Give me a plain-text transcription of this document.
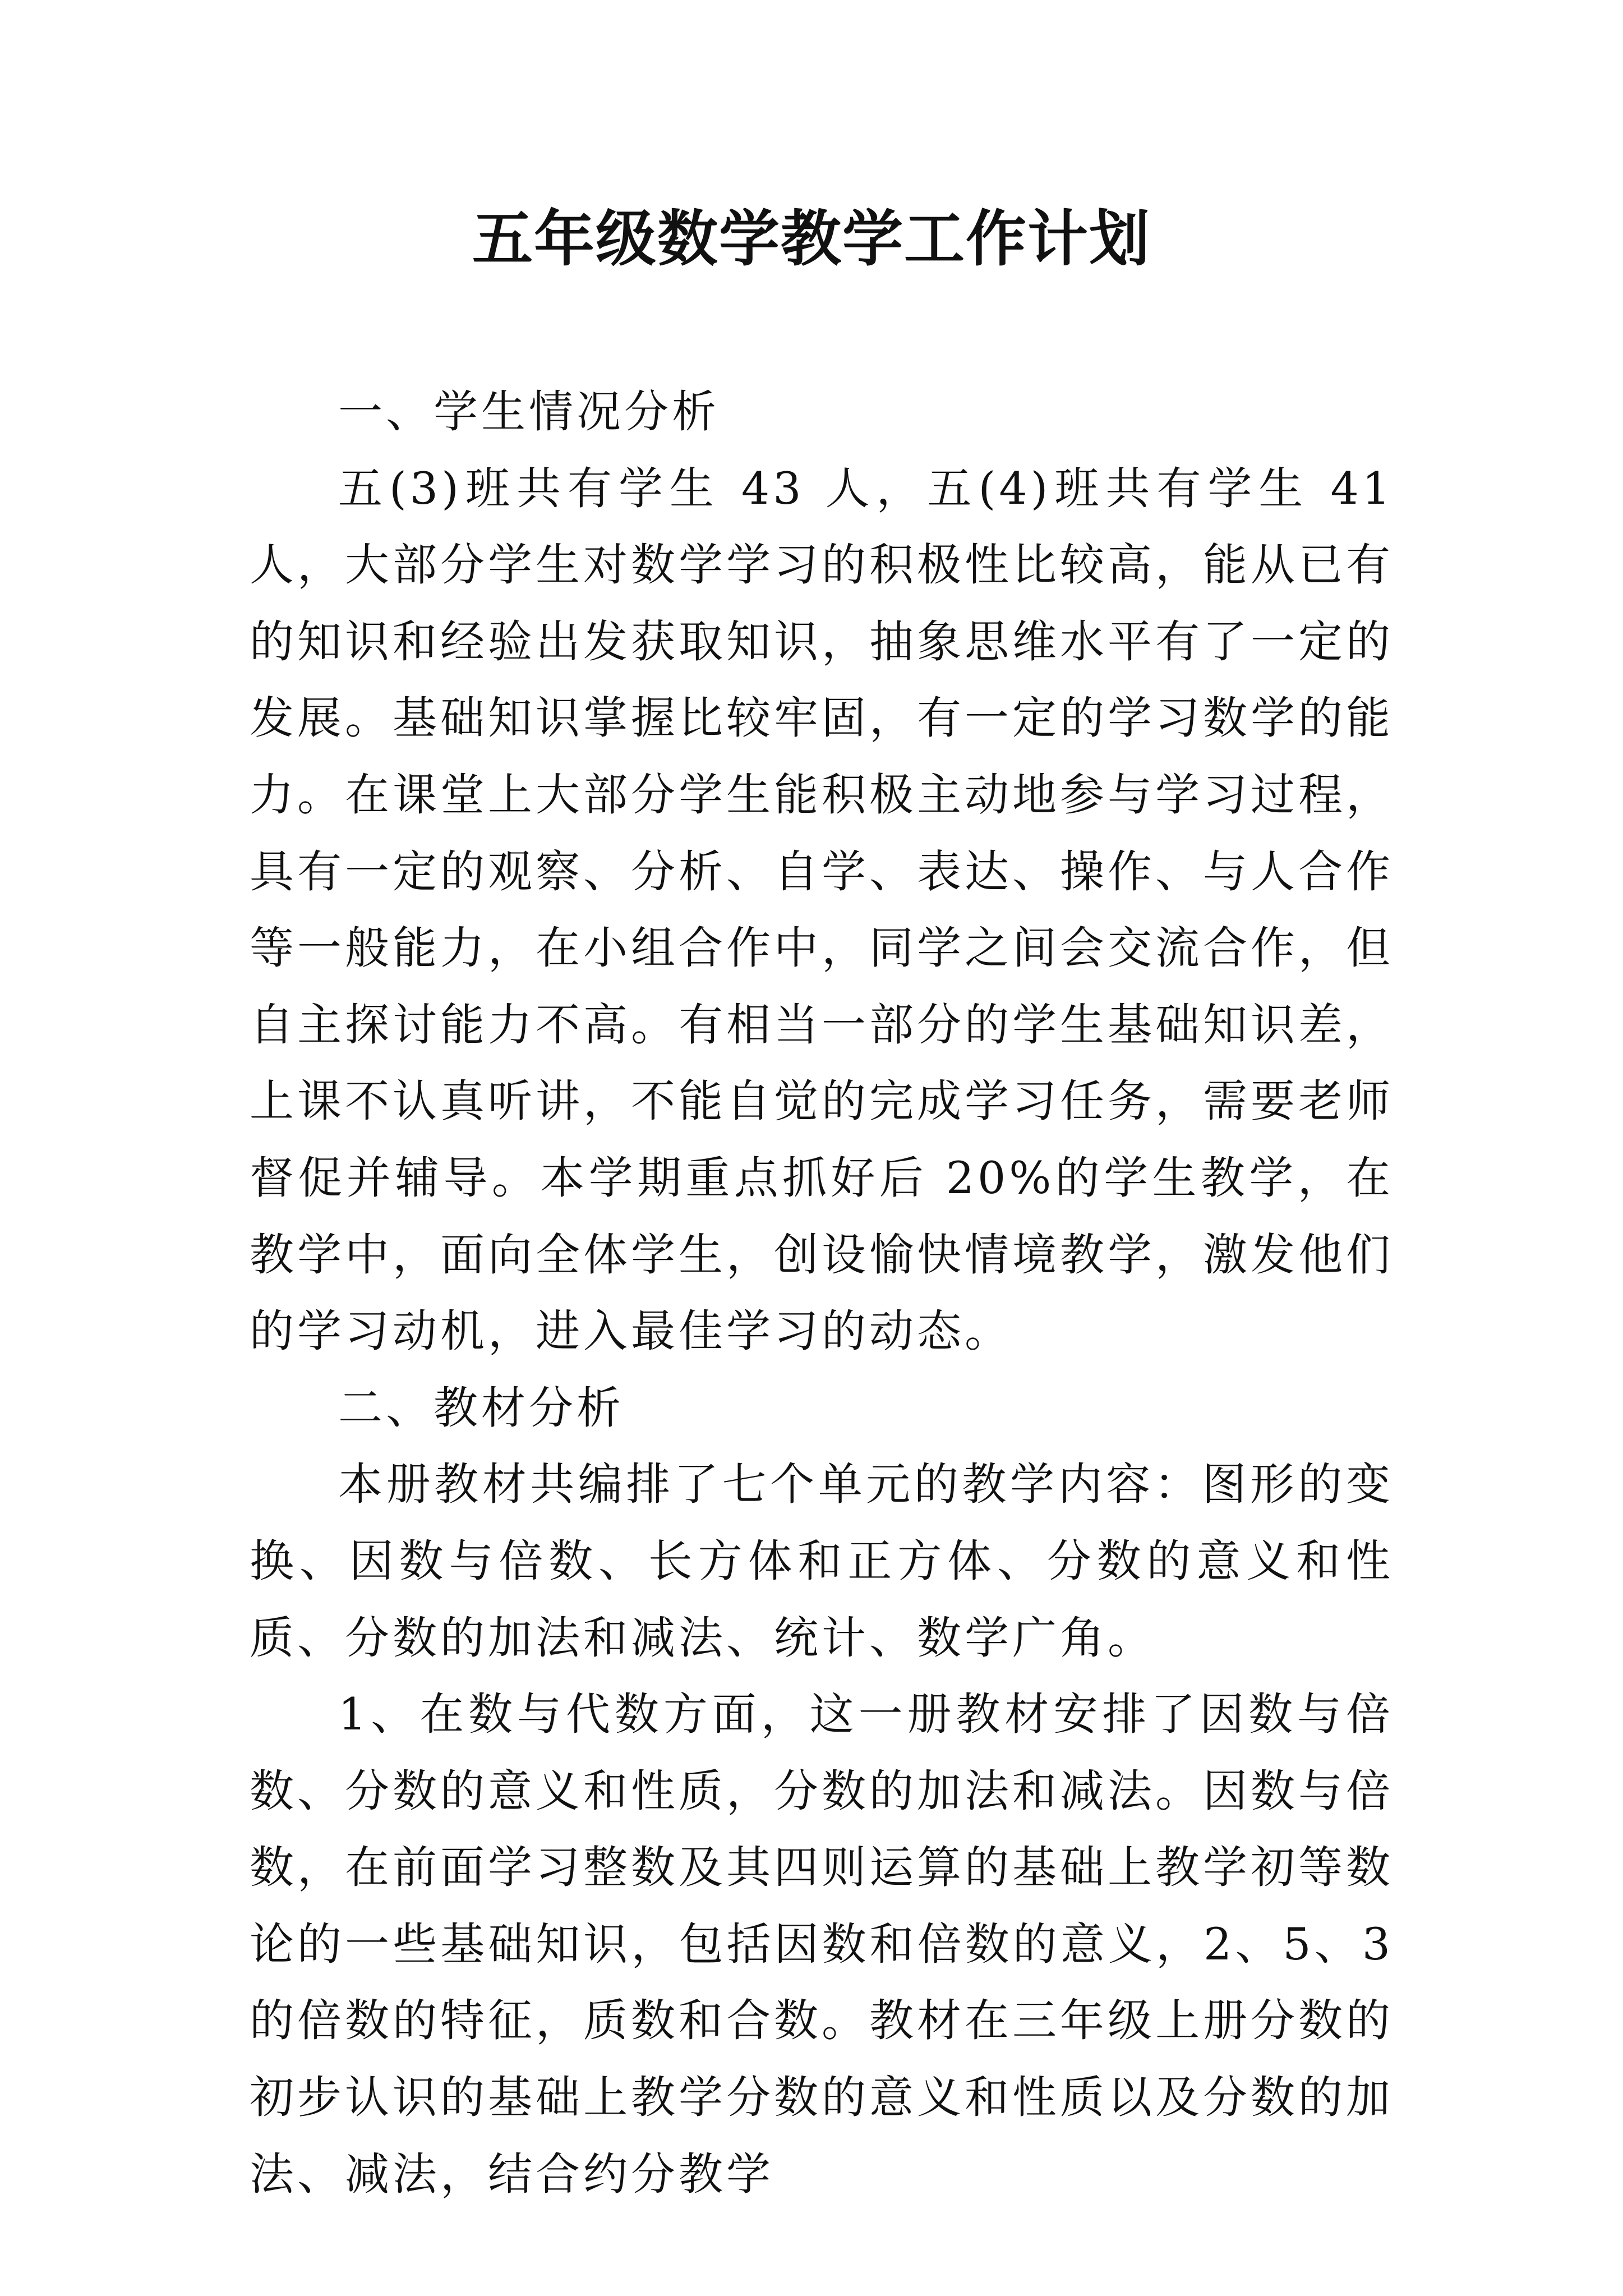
五年级数学教学工作计划

一、学生情况分析

五(3)班共有学生 43 人，五(4)班共有学生 41 人，大部分学生对数学学习的积极性比较高，能从已有的知识和经验出发获取知识，抽象思维水平有了一定的发展。基础知识掌握比较牢固，有一定的学习数学的能力。在课堂上大部分学生能积极主动地参与学习过程，具有一定的观察、分析、自学、表达、操作、与人合作等一般能力，在小组合作中，同学之间会交流合作，但自主探讨能力不高。有相当一部分的学生基础知识差，上课不认真听讲，不能自觉的完成学习任务，需要老师督促并辅导。本学期重点抓好后 20%的学生教学，在教学中，面向全体学生，创设愉快情境教学，激发他们的学习动机，进入最佳学习的动态。

二、教材分析

本册教材共编排了七个单元的教学内容：图形的变换、因数与倍数、长方体和正方体、分数的意义和性质、分数的加法和减法、统计、数学广角。

1、在数与代数方面，这一册教材安排了因数与倍数、分数的意义和性质，分数的加法和减法。因数与倍数，在前面学习整数及其四则运算的基础上教学初等数论的一些基础知识，包括因数和倍数的意义，2、5、3 的倍数的特征，质数和合数。教材在三年级上册分数的初步认识的基础上教学分数的意义和性质以及分数的加法、减法，结合约分教学
